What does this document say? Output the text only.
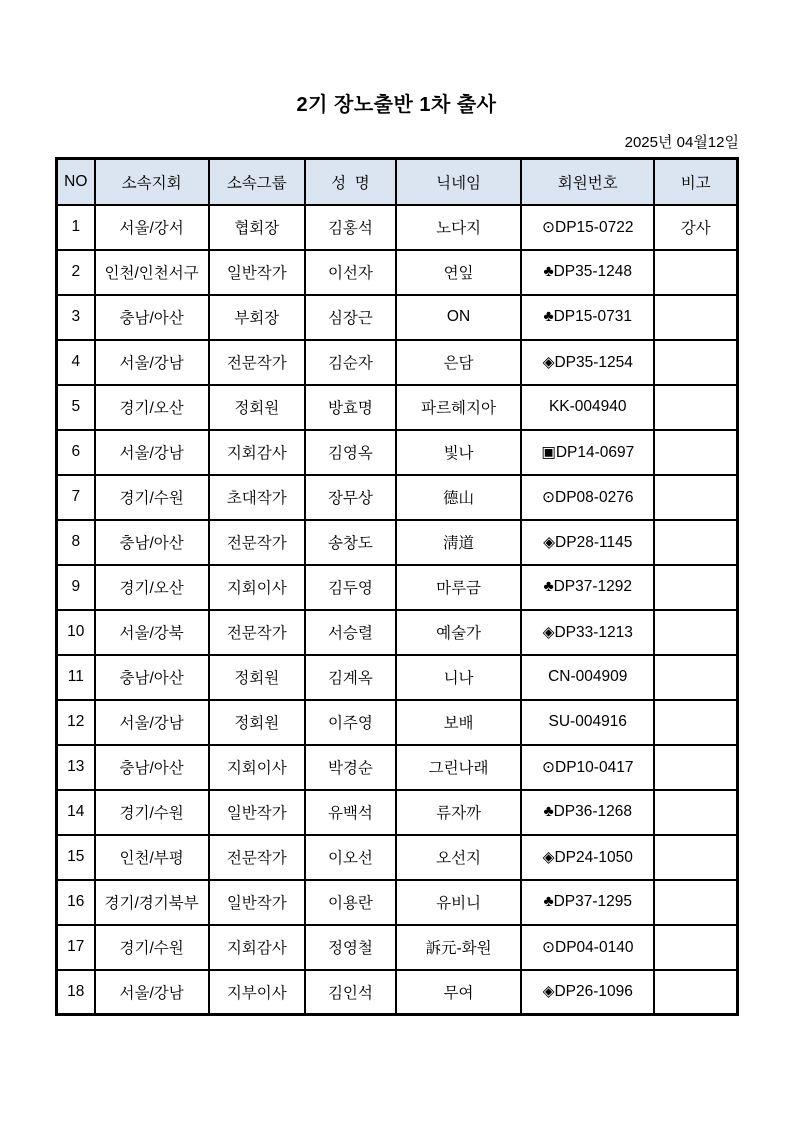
2기 장노출반 1차 출사
2025년 04월12일
NO	소속지회	소속그룹	성  명	닉네임	회원번호	비고
1	서울/강서	협회장	김홍석	노다지	⊙DP15-0722	강사
2	인천/인천서구	일반작가	이선자	연잎	♣DP35-1248	
3	충남/아산	부회장	심장근	ON	♣DP15-0731	
4	서울/강남	전문작가	김순자	은담	◈DP35-1254	
5	경기/오산	정회원	방효명	파르헤지아	KK-004940	
6	서울/강남	지회감사	김영옥	빛나	▣DP14-0697	
7	경기/수원	초대작가	장무상	德山	⊙DP08-0276	
8	충남/아산	전문작가	송창도	淸道	◈DP28-1145	
9	경기/오산	지회이사	김두영	마루금	♣DP37-1292	
10	서울/강북	전문작가	서승렬	예술가	◈DP33-1213	
11	충남/아산	정회원	김계옥	니나	CN-004909	
12	서울/강남	정회원	이주영	보배	SU-004916	
13	충남/아산	지회이사	박경순	그린나래	⊙DP10-0417	
14	경기/수원	일반작가	유백석	류자까	♣DP36-1268	
15	인천/부평	전문작가	이오선	오선지	◈DP24-1050	
16	경기/경기북부	일반작가	이용란	유비니	♣DP37-1295	
17	경기/수원	지회감사	정영철	訴元-화원	⊙DP04-0140	
18	서울/강남	지부이사	김인석	무여	◈DP26-1096	
